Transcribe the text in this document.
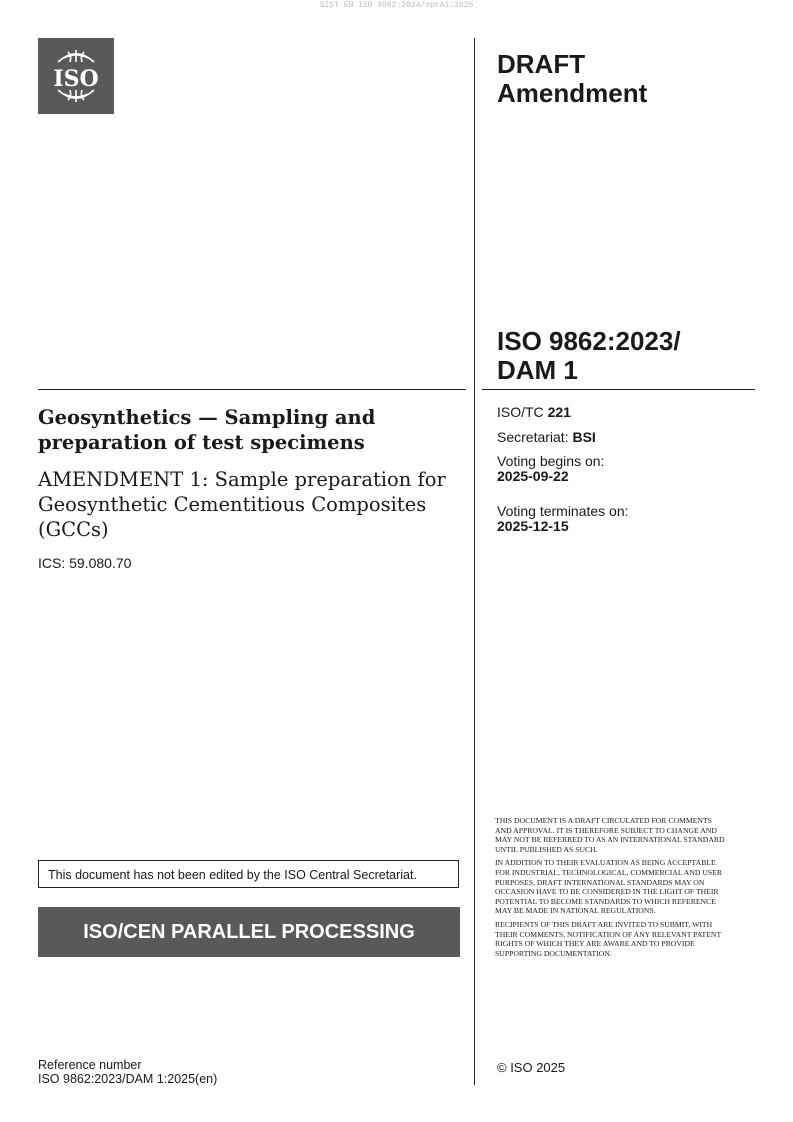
SIST EN ISO 9862:2024/oprA1:2025
ISO	DRAFT
Amendment
ISO 9862:2023/
DAM 1
Geosynthetics — Sampling and preparation of test specimens
AMENDMENT 1: Sample preparation for Geosynthetic Cementitious Composites (GCCs)
ICS: 59.080.70
ISO/TC 221
Secretariat: BSI
Voting begins on:
2025-09-22
Voting terminates on:
2025-12-15
This document has not been edited by the ISO Central Secretariat.
ISO/CEN PARALLEL PROCESSING

THIS DOCUMENT IS A DRAFT CIRCULATED FOR COMMENTS AND APPROVAL. IT IS THEREFORE SUBJECT TO CHANGE AND MAY NOT BE REFERRED TO AS AN INTERNATIONAL STANDARD UNTIL PUBLISHED AS SUCH.

IN ADDITION TO THEIR EVALUATION AS BEING ACCEPTABLE FOR INDUSTRIAL, TECHNOLOGICAL, COMMERCIAL AND USER PURPOSES, DRAFT INTERNATIONAL STANDARDS MAY ON OCCASION HAVE TO BE CONSIDERED IN THE LIGHT OF THEIR POTENTIAL TO BECOME STANDARDS TO WHICH REFERENCE MAY BE MADE IN NATIONAL REGULATIONS.

RECIPIENTS OF THIS DRAFT ARE INVITED TO SUBMIT, WITH THEIR COMMENTS, NOTIFICATION OF ANY RELEVANT PATENT RIGHTS OF WHICH THEY ARE AWARE AND TO PROVIDE SUPPORTING DOCUMENTATION.

© ISO 2025
Reference number
ISO 9862:2023/DAM 1:2025(en)
